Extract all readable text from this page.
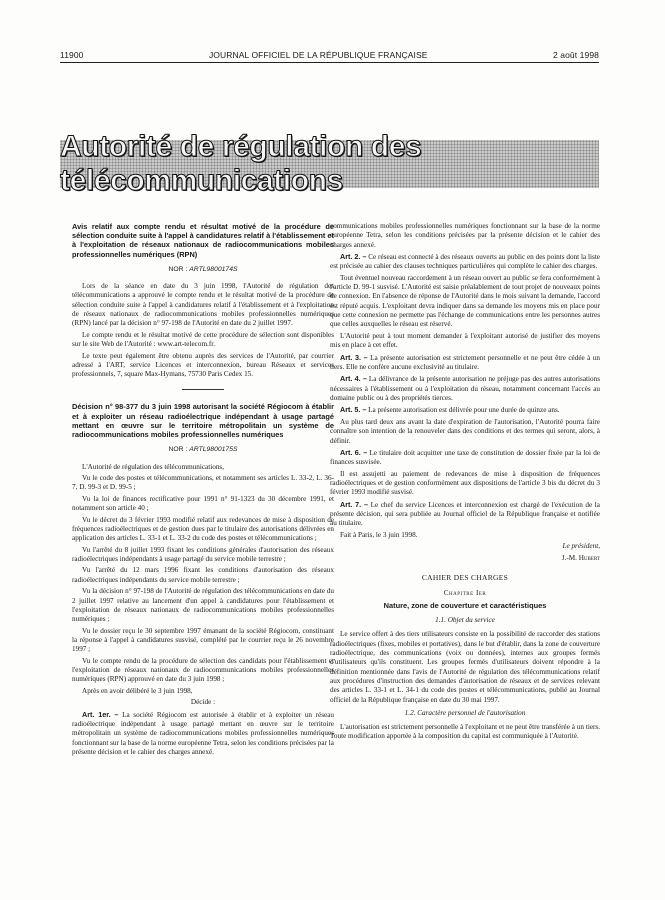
11900	JOURNAL OFFICIEL DE LA RÉPUBLIQUE FRANÇAISE	2 août 1998
Autorité de régulation des télécommunications
Avis relatif aux compte rendu et résultat motivé de la procédure de sélection conduite suite à l'appel à candidatures relatif à l'établissement et à l'exploitation de réseaux nationaux de radiocommunications mobiles professionnelles numériques (RPN)
NOR : ARTL9800174S

Lors de la séance en date du 3 juin 1998, l'Autorité de régulation des télécommunications a approuvé le compte rendu et le résultat motivé de la procédure de sélection conduite suite à l'appel à candidatures relatif à l'établissement et à l'exploitation de réseaux nationaux de radiocommunications mobiles professionnelles numériques (RPN) lancé par la décision n° 97-198 de l'Autorité en date du 2 juillet 1997.

Le compte rendu et le résultat motivé de cette procédure de sélection sont disponibles sur le site Web de l'Autorité : www.art-telecom.fr.

Le texte peut également être obtenu auprès des services de l'Autorité, par courrier adressé à l'ART, service Licences et interconnexion, bureau Réseaux et services professionnels, 7, square Max-Hymans, 75730 Paris Cedex 15.

Décision n° 98-377 du 3 juin 1998 autorisant la société Régiocom à établir et à exploiter un réseau radioélectrique indépendant à usage partagé mettant en œuvre sur le territoire métropolitain un système de radiocommunications mobiles professionnelles numériques
NOR : ARTL9800175S

L'Autorité de régulation des télécommunications,

Vu le code des postes et télécommunications, et notamment ses articles L. 33-2, L. 36-7, D. 99-3 et D. 99-5 ;

Vu la loi de finances rectificative pour 1991 n° 91-1323 du 30 décembre 1991, et notamment son article 40 ;

Vu le décret du 3 février 1993 modifié relatif aux redevances de mise à disposition de fréquences radioélectriques et de gestion dues par le titulaire des autorisations délivrées en application des articles L. 33-1 et L. 33-2 du code des postes et télécommunications ;

Vu l'arrêté du 8 juillet 1993 fixant les conditions générales d'autorisation des réseaux radioélectriques indépendants à usage partagé du service mobile terrestre ;

Vu l'arrêté du 12 mars 1996 fixant les conditions d'autorisation des réseaux radioélectriques indépendants du service mobile terrestre ;

Vu la décision n° 97-198 de l'Autorité de régulation des télécommunications en date du 2 juillet 1997 relative au lancement d'un appel à candidatures pour l'établissement et l'exploitation de réseaux nationaux de radiocommunications mobiles professionnelles numériques ;

Vu le dossier reçu le 30 septembre 1997 émanant de la société Régiocom, constituant la réponse à l'appel à candidatures susvisé, complété par le courrier reçu le 26 novembre 1997 ;

Vu le compte rendu de la procédure de sélection des candidats pour l'établissement et l'exploitation de réseaux nationaux de radiocommunications mobiles professionnelles numériques (RPN) approuvé en date du 3 juin 1998 ;

Après en avoir délibéré le 3 juin 1998,

Décide :

Art. 1er. – La société Régiocom est autorisée à établir et à exploiter un réseau radioélectrique indépendant à usage partagé mettant en œuvre sur le territoire métropolitain un système de radiocommunications mobiles professionnelles numériques fonctionnant sur la base de la norme européenne Tetra, selon les conditions précisées par la présente décision et le cahier des charges annexé.

communications mobiles professionnelles numériques fonctionnant sur la base de la norme européenne Tetra, selon les conditions précisées par la présente décision et le cahier des charges annexé.

Art. 2. – Ce réseau est connecté à des réseaux ouverts au public en des points dont la liste est précisée au cahier des clauses techniques particulières qui complète le cahier des charges.

Tout éventuel nouveau raccordement à un réseau ouvert au public se fera conformément à l'article D. 99-1 susvisé. L'Autorité est saisie préalablement de tout projet de nouveaux points de connexion. En l'absence de réponse de l'Autorité dans le mois suivant la demande, l'accord est réputé acquis. L'exploitant devra indiquer dans sa demande les moyens mis en place pour que cette connexion ne permette pas l'échange de communications entre les personnes autres que celles auxquelles le réseau est réservé.

L'Autorité peut à tout moment demander à l'exploitant autorisé de justifier des moyens mis en place à cet effet.

Art. 3. – La présente autorisation est strictement personnelle et ne peut être cédée à un tiers. Elle ne confère aucune exclusivité au titulaire.

Art. 4. – La délivrance de la présente autorisation ne préjuge pas des autres autorisations nécessaires à l'établissement ou à l'exploitation du réseau, notamment concernant l'accès au domaine public ou à des propriétés tierces.

Art. 5. – La présente autorisation est délivrée pour une durée de quinze ans.

Au plus tard deux ans avant la date d'expiration de l'autorisation, l'Autorité pourra faire connaître son intention de la renouveler dans des conditions et des termes qui seront, alors, à définir.

Art. 6. – Le titulaire doit acquitter une taxe de constitution de dossier fixée par la loi de finances susvisée.

Il est assujetti au paiement de redevances de mise à disposition de fréquences radioélectriques et de gestion conformément aux dispositions de l'article 3 bis du décret du 3 février 1993 modifié susvisé.

Art. 7. – Le chef du service Licences et interconnexion est chargé de l'exécution de la présente décision, qui sera publiée au Journal officiel de la République française et notifiée au titulaire.

Fait à Paris, le 3 juin 1998.

Le président,

J.-M. Hubert

CAHIER DES CHARGES
Chapitre Ier
Nature, zone de couverture et caractéristiques
1.1. Objet du service

Le service offert à des tiers utilisateurs consiste en la possibilité de raccorder des stations radioélectriques (fixes, mobiles et portatives), dans le but d'établir, dans la zone de couverture radioélectrique, des communications (voix ou données), internes aux groupes fermés d'utilisateurs qu'ils constituent. Les groupes fermés d'utilisateurs doivent répondre à la définition mentionnée dans l'avis de l'Autorité de régulation des télécommunications relatif aux procédures d'instruction des demandes d'autorisation de réseaux et de services relevant des articles L. 33-1 et L. 34-1 du code des postes et télécommunications, publié au Journal officiel de la République française en date du 30 mai 1997.

1.2. Caractère personnel de l'autorisation

L'autorisation est strictement personnelle à l'exploitant et ne peut être transférée à un tiers. Toute modification apportée à la composition du capital est communiquée à l'Autorité.
